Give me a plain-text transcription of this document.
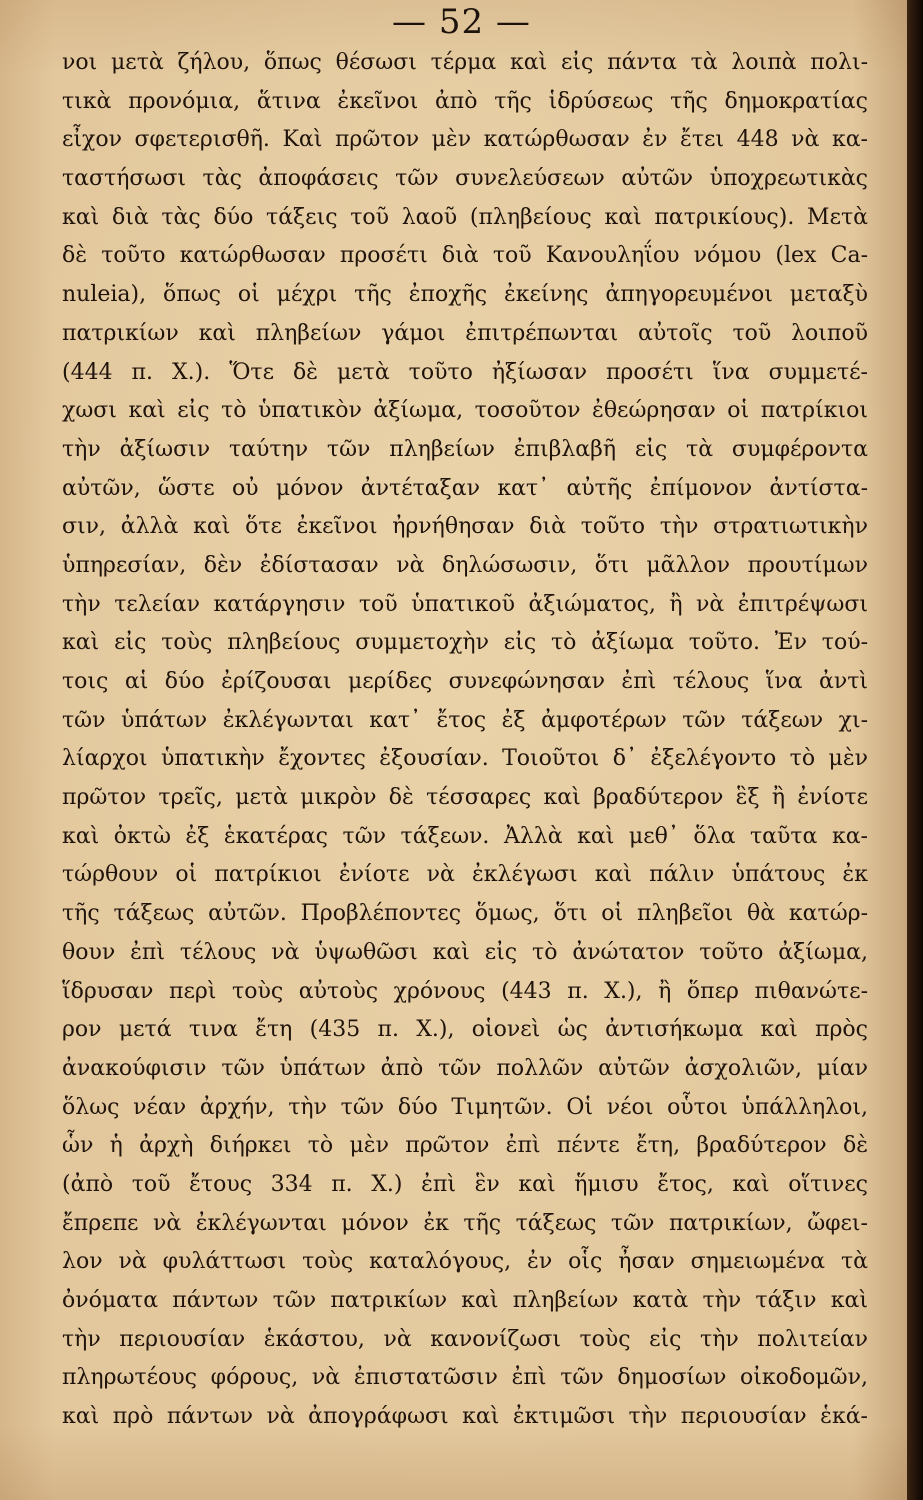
— 52 —
νοι μετὰ ζήλου, ὅπως θέσωσι τέρμα καὶ εἰς πάντα τὰ λοιπὰ πολι-
τικὰ προνόμια, ἅτινα ἐκεῖνοι ἀπὸ τῆς ἱδρύσεως τῆς δημοκρατίας
εἶχον σφετερισθῆ. Καὶ πρῶτον μὲν κατώρθωσαν ἐν ἔτει 448 νὰ κα-
ταστήσωσι τὰς ἀποφάσεις τῶν συνελεύσεων αὐτῶν ὑποχρεωτικὰς
καὶ διὰ τὰς δύο τάξεις τοῦ λαοῦ (πληβείους καὶ πατρικίους). Μετὰ
δὲ τοῦτο κατώρθωσαν προσέτι διὰ τοῦ Κανουληΐου νόμου (lex Ca-
nuleia), ὅπως οἱ μέχρι τῆς ἐποχῆς ἐκείνης ἀπηγορευμένοι μεταξὺ
πατρικίων καὶ πληβείων γάμοι ἐπιτρέπωνται αὐτοῖς τοῦ λοιποῦ
(444 π. Χ.). Ὅτε δὲ μετὰ τοῦτο ἠξίωσαν προσέτι ἵνα συμμετέ-
χωσι καὶ εἰς τὸ ὑπατικὸν ἀξίωμα, τοσοῦτον ἐθεώρησαν οἱ πατρίκιοι
τὴν ἀξίωσιν ταύτην τῶν πληβείων ἐπιβλαβῆ εἰς τὰ συμφέροντα
αὐτῶν, ὥστε οὐ μόνον ἀντέταξαν κατ᾽ αὐτῆς ἐπίμονον ἀντίστα-
σιν, ἀλλὰ καὶ ὅτε ἐκεῖνοι ἠρνήθησαν διὰ τοῦτο τὴν στρατιωτικὴν
ὑπηρεσίαν, δὲν ἐδίστασαν νὰ δηλώσωσιν, ὅτι μᾶλλον προυτίμων
τὴν τελείαν κατάργησιν τοῦ ὑπατικοῦ ἀξιώματος, ἢ νὰ ἐπιτρέψωσι
καὶ εἰς τοὺς πληβείους συμμετοχὴν εἰς τὸ ἀξίωμα τοῦτο. Ἐν τού-
τοις αἱ δύο ἐρίζουσαι μερίδες συνεφώνησαν ἐπὶ τέλους ἵνα ἀντὶ
τῶν ὑπάτων ἐκλέγωνται κατ᾽ ἔτος ἐξ ἀμφοτέρων τῶν τάξεων χι-
λίαρχοι ὑπατικὴν ἔχοντες ἐξουσίαν. Τοιοῦτοι δ᾽ ἐξελέγοντο τὸ μὲν
πρῶτον τρεῖς, μετὰ μικρὸν δὲ τέσσαρες καὶ βραδύτερον ἓξ ἢ ἐνίοτε
καὶ ὀκτὼ ἐξ ἑκατέρας τῶν τάξεων. Ἀλλὰ καὶ μεθ᾽ ὅλα ταῦτα κα-
τώρθουν οἱ πατρίκιοι ἐνίοτε νὰ ἐκλέγωσι καὶ πάλιν ὑπάτους ἐκ
τῆς τάξεως αὐτῶν. Προβλέποντες ὅμως, ὅτι οἱ πληβεῖοι θὰ κατώρ-
θουν ἐπὶ τέλους νὰ ὑψωθῶσι καὶ εἰς τὸ ἀνώτατον τοῦτο ἀξίωμα,
ἵδρυσαν περὶ τοὺς αὐτοὺς χρόνους (443 π. Χ.), ἢ ὅπερ πιθανώτε-
ρον μετά τινα ἔτη (435 π. Χ.), οἱονεὶ ὡς ἀντισήκωμα καὶ πρὸς
ἀνακούφισιν τῶν ὑπάτων ἀπὸ τῶν πολλῶν αὐτῶν ἀσχολιῶν, μίαν
ὅλως νέαν ἀρχήν, τὴν τῶν δύο Τιμητῶν. Οἱ νέοι οὗτοι ὑπάλληλοι,
ὧν ἡ ἀρχὴ διήρκει τὸ μὲν πρῶτον ἐπὶ πέντε ἔτη, βραδύτερον δὲ
(ἀπὸ τοῦ ἔτους 334 π. Χ.) ἐπὶ ἓν καὶ ἥμισυ ἔτος, καὶ οἵτινες
ἔπρεπε νὰ ἐκλέγωνται μόνον ἐκ τῆς τάξεως τῶν πατρικίων, ὤφει-
λον νὰ φυλάττωσι τοὺς καταλόγους, ἐν οἷς ἦσαν σημειωμένα τὰ
ὀνόματα πάντων τῶν πατρικίων καὶ πληβείων κατὰ τὴν τάξιν καὶ
τὴν περιουσίαν ἑκάστου, νὰ κανονίζωσι τοὺς εἰς τὴν πολιτείαν
πληρωτέους φόρους, νὰ ἐπιστατῶσιν ἐπὶ τῶν δημοσίων οἰκοδομῶν,
καὶ πρὸ πάντων νὰ ἀπογράφωσι καὶ ἐκτιμῶσι τὴν περιουσίαν ἑκά-
